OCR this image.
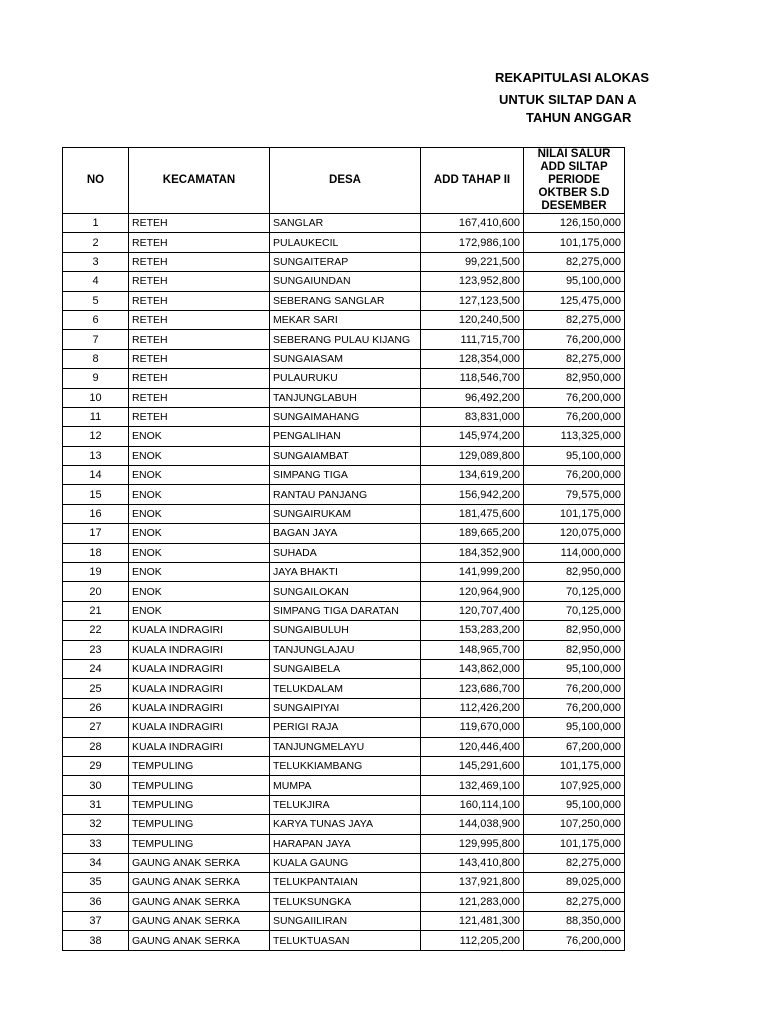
REKAPITULASI ALOKAS
UNTUK SILTAP DAN A
TAHUN ANGGAR
NO	KECAMATAN	DESA	ADD TAHAP II	NILAI SALUR ADD SILTAP PERIODE OKTBER S.D DESEMBER
1	RETEH	SANGLAR	167,410,600	126,150,000
2	RETEH	PULAUKECIL	172,986,100	101,175,000
3	RETEH	SUNGAITERAP	99,221,500	82,275,000
4	RETEH	SUNGAIUNDAN	123,952,800	95,100,000
5	RETEH	SEBERANG SANGLAR	127,123,500	125,475,000
6	RETEH	MEKAR SARI	120,240,500	82,275,000
7	RETEH	SEBERANG PULAU KIJANG	111,715,700	76,200,000
8	RETEH	SUNGAIASAM	128,354,000	82,275,000
9	RETEH	PULAURUKU	118,546,700	82,950,000
10	RETEH	TANJUNGLABUH	96,492,200	76,200,000
11	RETEH	SUNGAIMAHANG	83,831,000	76,200,000
12	ENOK	PENGALIHAN	145,974,200	113,325,000
13	ENOK	SUNGAIAMBAT	129,089,800	95,100,000
14	ENOK	SIMPANG TIGA	134,619,200	76,200,000
15	ENOK	RANTAU PANJANG	156,942,200	79,575,000
16	ENOK	SUNGAIRUKAM	181,475,600	101,175,000
17	ENOK	BAGAN JAYA	189,665,200	120,075,000
18	ENOK	SUHADA	184,352,900	114,000,000
19	ENOK	JAYA BHAKTI	141,999,200	82,950,000
20	ENOK	SUNGAILOKAN	120,964,900	70,125,000
21	ENOK	SIMPANG TIGA DARATAN	120,707,400	70,125,000
22	KUALA INDRAGIRI	SUNGAIBULUH	153,283,200	82,950,000
23	KUALA INDRAGIRI	TANJUNGLAJAU	148,965,700	82,950,000
24	KUALA INDRAGIRI	SUNGAIBELA	143,862,000	95,100,000
25	KUALA INDRAGIRI	TELUKDALAM	123,686,700	76,200,000
26	KUALA INDRAGIRI	SUNGAIPIYAI	112,426,200	76,200,000
27	KUALA INDRAGIRI	PERIGI RAJA	119,670,000	95,100,000
28	KUALA INDRAGIRI	TANJUNGMELAYU	120,446,400	67,200,000
29	TEMPULING	TELUKKIAMBANG	145,291,600	101,175,000
30	TEMPULING	MUMPA	132,469,100	107,925,000
31	TEMPULING	TELUKJIRA	160,114,100	95,100,000
32	TEMPULING	KARYA TUNAS JAYA	144,038,900	107,250,000
33	TEMPULING	HARAPAN JAYA	129,995,800	101,175,000
34	GAUNG ANAK SERKA	KUALA GAUNG	143,410,800	82,275,000
35	GAUNG ANAK SERKA	TELUKPANTAIAN	137,921,800	89,025,000
36	GAUNG ANAK SERKA	TELUKSUNGKA	121,283,000	82,275,000
37	GAUNG ANAK SERKA	SUNGAIILIRAN	121,481,300	88,350,000
38	GAUNG ANAK SERKA	TELUKTUASAN	112,205,200	76,200,000
